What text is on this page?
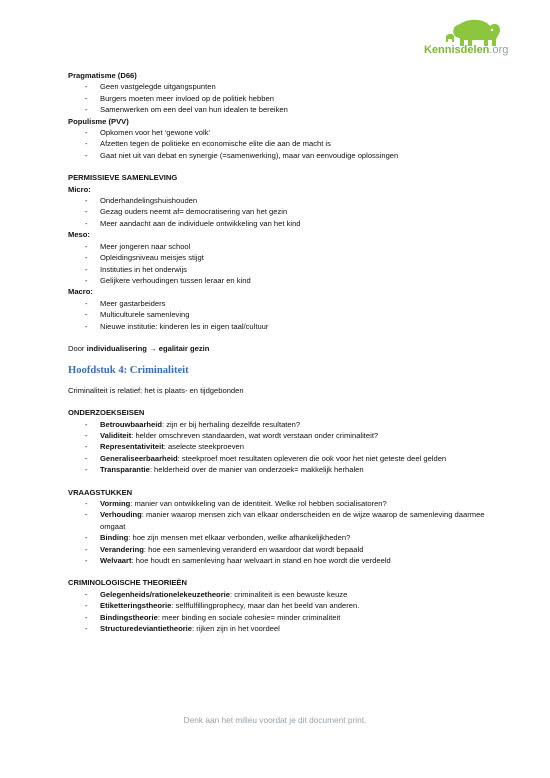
Kennisdelen.org
Pragmatisme (D66)
- Geen vastgelegde uitgangspunten
- Burgers moeten meer invloed op de politiek hebben
- Samenwerken om een deel van hun idealen te bereiken
Populisme (PVV)
- Opkomen voor het ‘gewone volk’
- Afzetten tegen de politieke en economische elite die aan de macht is
- Gaat niet uit van debat en synergie (=samenwerking), maar van eenvoudige oplossingen
PERMISSIEVE SAMENLEVING
Micro:
- Onderhandelingshuishouden
- Gezag ouders neemt af= democratisering van het gezin
- Meer aandacht aan de individuele ontwikkeling van het kind
Meso:
- Meer jongeren naar school
- Opleidingsniveau meisjes stijgt
- Instituties in het onderwijs
- Gelijkere verhoudingen tussen leraar en kind
Macro:
- Meer gastarbeiders
- Multiculturele samenleving
- Nieuwe institutie: kinderen les in eigen taal/cultuur
Door individualisering → egalitair gezin
Hoofdstuk 4: Criminaliteit
Criminaliteit is relatief: het is plaats- en tijdgebonden
ONDERZOEKSEISEN
- Betrouwbaarheid: zijn er bij herhaling dezelfde resultaten?
- Validiteit: helder omschreven standaarden, wat wordt verstaan onder criminaliteit?
- Representativiteit: aselecte steekproeven
- Generaliseerbaarheid: steekproef moet resultaten opleveren die ook voor het niet geteste deel gelden
- Transparantie: helderheid over de manier van onderzoek= makkelijk herhalen
VRAAGSTUKKEN
- Vorming: manier van ontwikkeling van de identiteit. Welke rol hebben socialisatoren?
- Verhouding: manier waarop mensen zich van elkaar onderscheiden en de wijze waarop de samenleving daarmee omgaat
- Binding: hoe zijn mensen met elkaar verbonden, welke afhankelijkheden?
- Verandering: hoe een samenleving veranderd en waardoor dat wordt bepaald
- Welvaart: hoe houdt en samenleving haar welvaart in stand en hoe wordt die verdeeld
CRIMINOLOGISCHE THEORIEËN
- Gelegenheids/rationelekeuzetheorie: criminaliteit is een bewuste keuze
- Etiketteringstheorie: selffulfillingprophecy, maar dan het beeld van anderen.
- Bindingstheorie: meer binding en sociale cohesie= minder criminaliteit
- Structuredeviantietheorie: rijken zijn in het voordeel
Denk aan het milieu voordat je dit document print.
